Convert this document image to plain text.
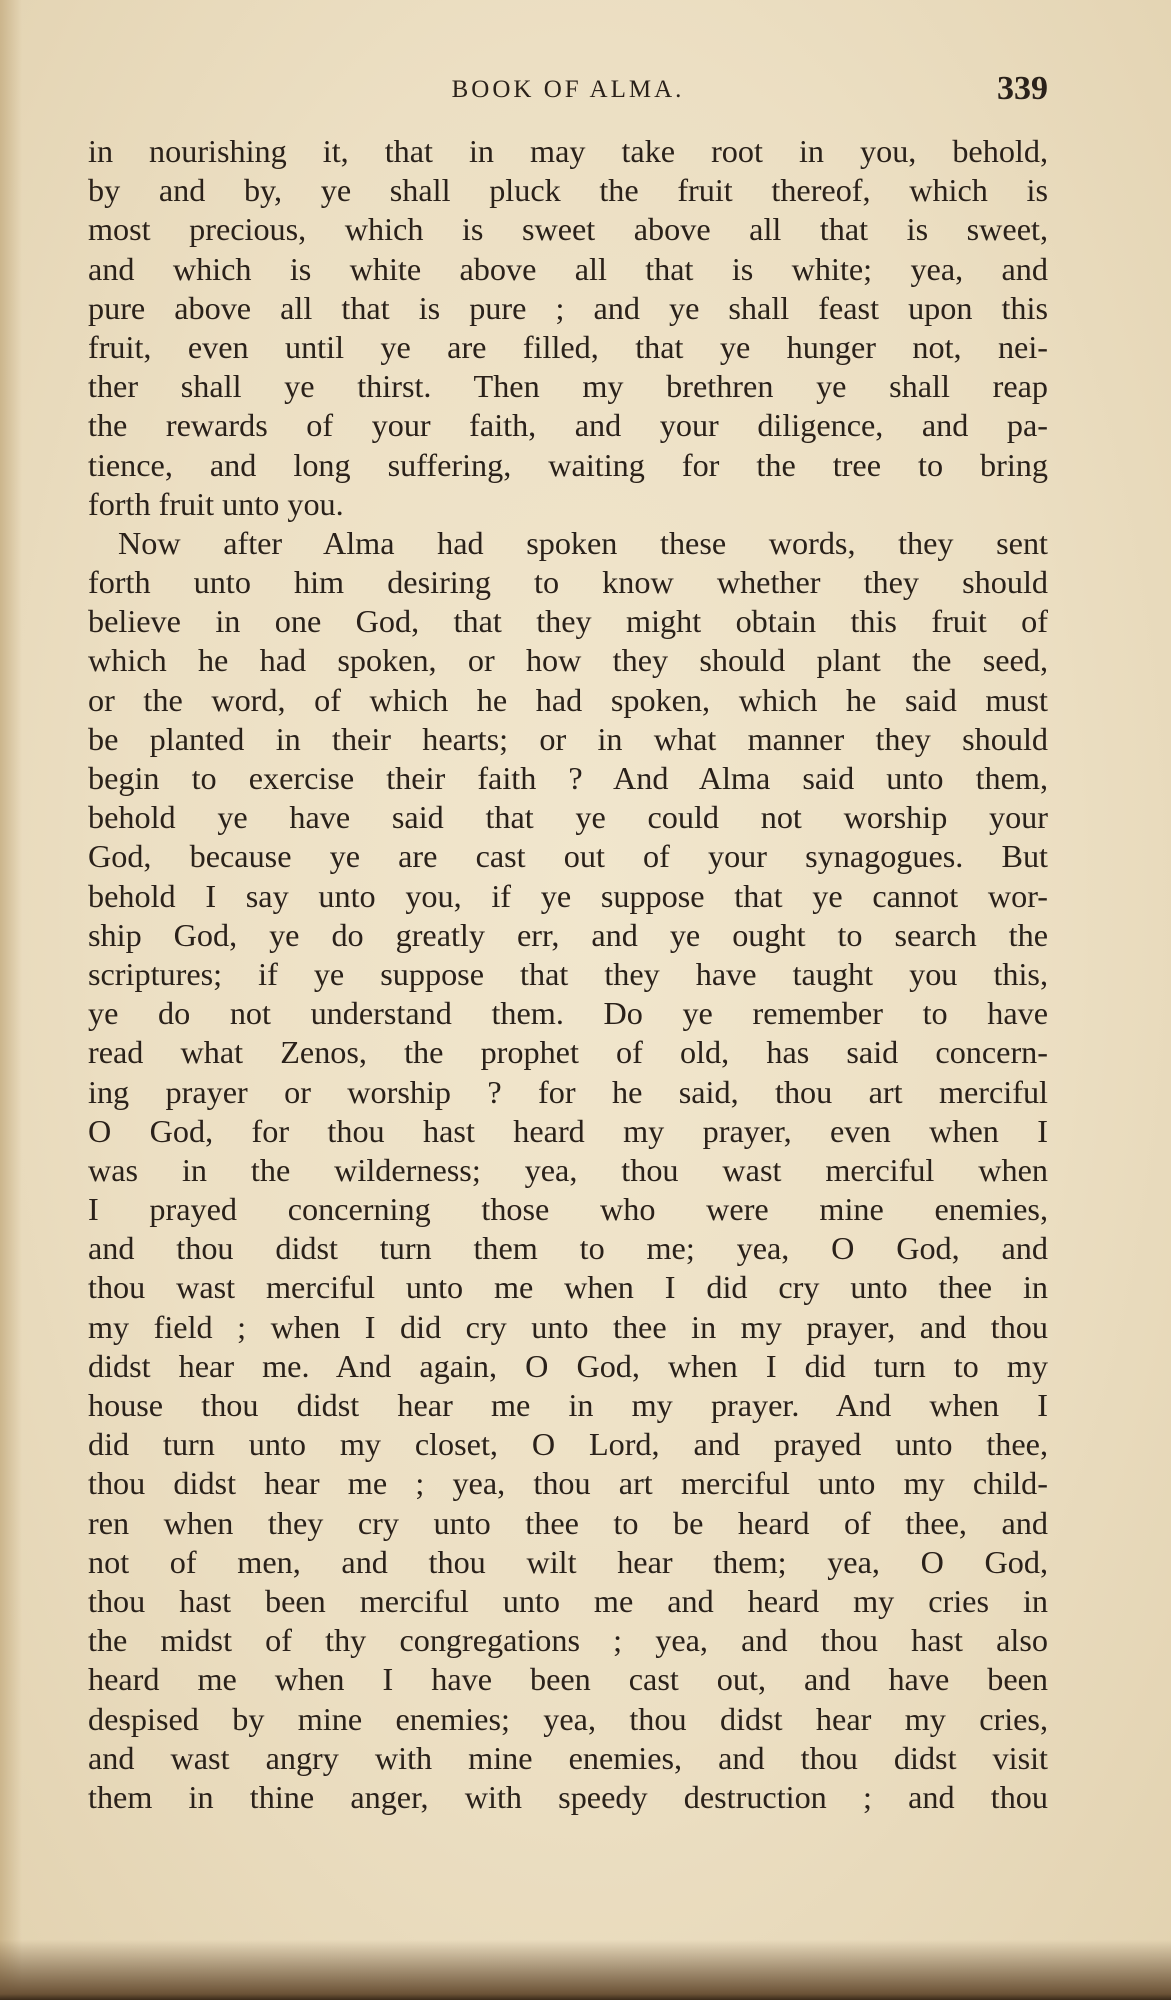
BOOK OF ALMA.	339
in nourishing it, that in may take root in you, behold,
by and by, ye shall pluck the fruit thereof, which is
most precious, which is sweet above all that is sweet,
and which is white above all that is white; yea, and
pure above all that is pure ; and ye shall feast upon this
fruit, even until ye are filled, that ye hunger not, nei-
ther shall ye thirst. Then my brethren ye shall reap
the rewards of your faith, and your diligence, and pa-
tience, and long suffering, waiting for the tree to bring
forth fruit unto you.
Now after Alma had spoken these words, they sent
forth unto him desiring to know whether they should
believe in one God, that they might obtain this fruit of
which he had spoken, or how they should plant the seed,
or the word, of which he had spoken, which he said must
be planted in their hearts; or in what manner they should
begin to exercise their faith ? And Alma said unto them,
behold ye have said that ye could not worship your
God, because ye are cast out of your synagogues. But
behold I say unto you, if ye suppose that ye cannot wor-
ship God, ye do greatly err, and ye ought to search the
scriptures; if ye suppose that they have taught you this,
ye do not understand them. Do ye remember to have
read what Zenos, the prophet of old, has said concern-
ing prayer or worship ? for he said, thou art merciful
O God, for thou hast heard my prayer, even when I
was in the wilderness; yea, thou wast merciful when
I prayed concerning those who were mine enemies,
and thou didst turn them to me; yea, O God, and
thou wast merciful unto me when I did cry unto thee in
my field ; when I did cry unto thee in my prayer, and thou
didst hear me. And again, O God, when I did turn to my
house thou didst hear me in my prayer. And when I
did turn unto my closet, O Lord, and prayed unto thee,
thou didst hear me ; yea, thou art merciful unto my child-
ren when they cry unto thee to be heard of thee, and
not of men, and thou wilt hear them; yea, O God,
thou hast been merciful unto me and heard my cries in
the midst of thy congregations ; yea, and thou hast also
heard me when I have been cast out, and have been
despised by mine enemies; yea, thou didst hear my cries,
and wast angry with mine enemies, and thou didst visit
them in thine anger, with speedy destruction ; and thou
